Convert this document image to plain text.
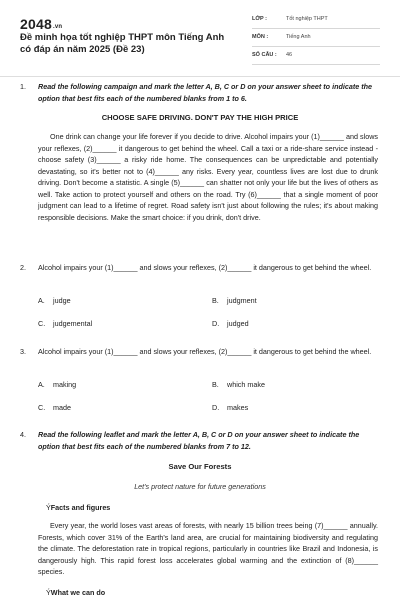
2048.vn
Đề minh họa tốt nghiệp THPT môn Tiếng Anh có đáp án năm 2025 (Đề 23)
LỚP :	Tốt nghiệp THPT
MÔN :	Tiếng Anh
SỐ CÂU : 46
1. Read the following campaign and mark the letter A, B, C or D on your answer sheet to indicate the option that best fits each of the numbered blanks from 1 to 6.
CHOOSE SAFE DRIVING. DON'T PAY THE HIGH PRICE
One drink can change your life forever if you decide to drive. Alcohol impairs your (1)______ and slows your reflexes, (2)______ it dangerous to get behind the wheel. Call a taxi or a ride-share service instead - choose safety (3)______ a risky ride home. The consequences can be unpredictable and potentially devastating, so it's better not to (4)______ any risks. Every year, countless lives are lost due to drunk driving. Don't become a statistic. A single (5)______ can shatter not only your life but the lives of others as well. Take action to protect yourself and others on the road. Try (6)______ that a single moment of poor judgment can lead to a lifetime of regret. Road safety isn't just about following the rules; it's about making responsible decisions. Make the smart choice: if you drink, don't drive.
2. Alcohol impairs your (1)______ and slows your reflexes, (2)______ it dangerous to get behind the wheel.
A. judge	B. judgment
C. judgemental	D. judged
3. Alcohol impairs your (1)______ and slows your reflexes, (2)______ it dangerous to get behind the wheel.
A. making	B. which make
C. made	D. makes
4. Read the following leaflet and mark the letter A, B, C or D on your answer sheet to indicate the option that best fits each of the numbered blanks from 7 to 12.
Save Our Forests
Let's protect nature for future generations
ÝFacts and figures
Every year, the world loses vast areas of forests, with nearly 15 billion trees being (7)______ annually. Forests, which cover 31% of the Earth's land area, are crucial for maintaining biodiversity and regulating the climate. The deforestation rate in tropical regions, particularly in countries like Brazil and Indonesia, is dangerously high. This rapid forest loss accelerates global warming and the extinction of (8)______ species.
ÝWhat we can do
